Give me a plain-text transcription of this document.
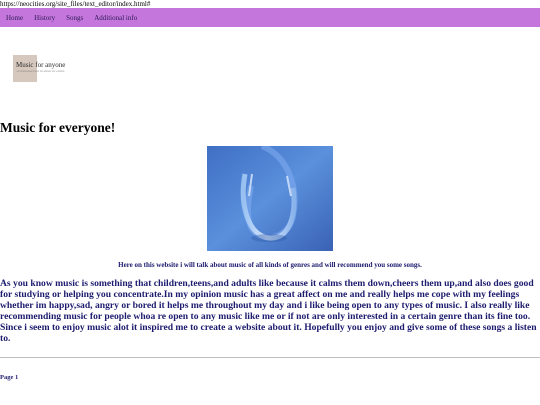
https://neocities.org/site_files/text_editor/index.html#
Home History Songs Additional info
Music for anyone
AN INTRODUCTION TO MUSIC BY GENRE
Music for everyone!
Here on this website i will talk about music of all kinds of genres and will recommend you some songs.

As you know music is something that children,teens,and adults like because it calms them down,cheers them up,and also does good for studying or helping you concentrate.In my opinion music has a great affect on me and really helps me cope with my feelings whether im happy,sad, angry or bored it helps me throughout my day and i like being open to any types of music. I also really like recommending music for people whoa re open to any music like me or if not are only interested in a certain genre than its fine too. Since i seem to enjoy music alot it inspired me to create a website about it. Hopefully you enjoy and give some of these songs a listen to.

Page 1
